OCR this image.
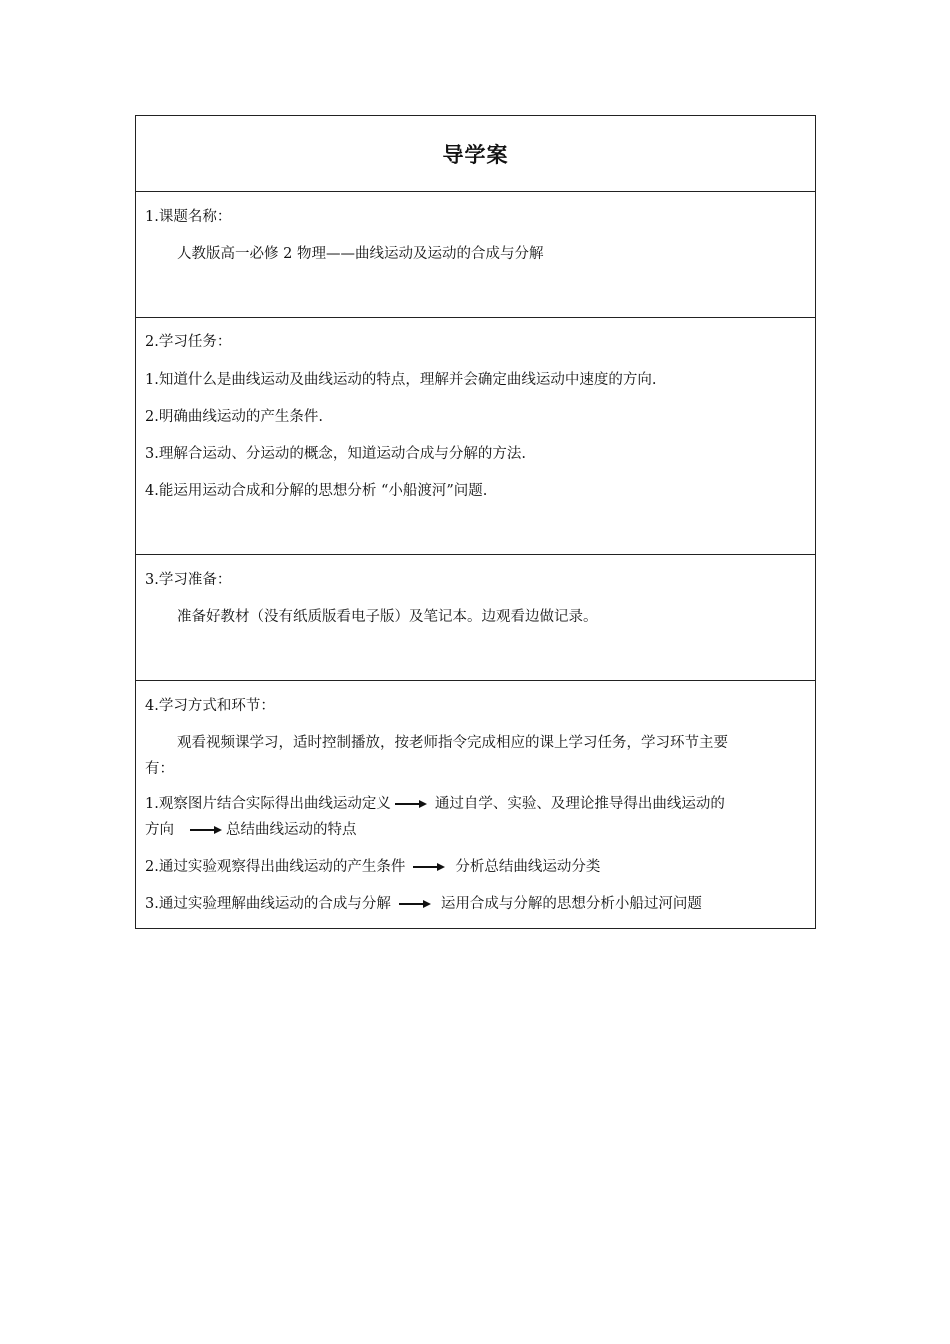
导学案
1.课题名称：
人教版高一必修 2 物理——曲线运动及运动的合成与分解
2.学习任务：
1.知道什么是曲线运动及曲线运动的特点，理解并会确定曲线运动中速度的方向.
2.明确曲线运动的产生条件.
3.理解合运动、分运动的概念，知道运动合成与分解的方法.
4.能运用运动合成和分解的思想分析 “小船渡河”问题.
3.学习准备：
准备好教材（没有纸质版看电子版）及笔记本。边观看边做记录。
4.学习方式和环节：
观看视频课学习，适时控制播放，按老师指令完成相应的课上学习任务，学习环节主要
有：
1.观察图片结合实际得出曲线运动定义	通过自学、实验、及理论推导得出曲线运动的
方向	总结曲线运动的特点
2.通过实验观察得出曲线运动的产生条件	分析总结曲线运动分类
3.通过实验理解曲线运动的合成与分解	运用合成与分解的思想分析小船过河问题
